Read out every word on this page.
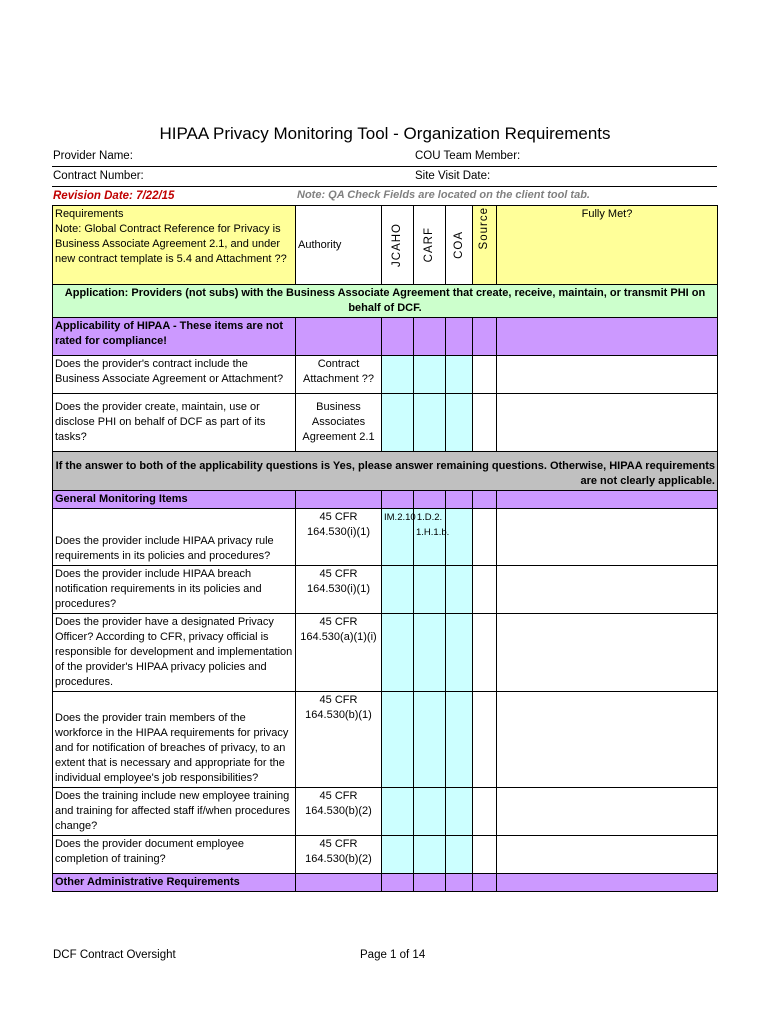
HIPAA Privacy Monitoring Tool - Organization Requirements
Provider Name:	COU Team Member:
Contract Number:	Site Visit Date:
Revision Date: 7/22/15	Note: QA Check Fields are located on the client tool tab.
Requirements
Note: Global Contract Reference for Privacy is Business Associate Agreement 2.1, and under new contract template is 5.4 and Attachment ??	Authority	JCAHO	CARF	COA	Source	Fully Met?
Application: Providers (not subs) with the Business Associate Agreement that create, receive, maintain, or transmit PHI on behalf of DCF.						
Applicability of HIPAA - These items are not rated for compliance!						
Does the provider's contract include the Business Associate Agreement or Attachment?	Contract Attachment ??					
Does the provider create, maintain, use or disclose PHI on behalf of DCF as part of its tasks?	Business Associates Agreement 2.1					
If the answer to both of the applicability questions is Yes, please answer remaining questions. Otherwise, HIPAA requirements are not clearly applicable.						
General Monitoring Items						
Does the provider include HIPAA privacy rule requirements in its policies and procedures?	45 CFR 164.530(i)(1)	IM.2.10	1.D.2. 1.H.1.b.			
Does the provider include HIPAA breach notification requirements in its policies and procedures?	45 CFR 164.530(i)(1)					
Does the provider have a designated Privacy Officer? According to CFR, privacy official is responsible for development and implementation of the provider's HIPAA privacy policies and procedures.	45 CFR 164.530(a)(1)(i)					
Does the provider train members of the workforce in the HIPAA requirements for privacy and for notification of breaches of privacy, to an extent that is necessary and appropriate for the individual employee's job responsibilities?	45 CFR 164.530(b)(1)					
Does the training include new employee training and training for affected staff if/when procedures change?	45 CFR 164.530(b)(2)					
Does the provider document employee completion of training?	45 CFR 164.530(b)(2)					
Other Administrative Requirements						
DCF Contract Oversight	Page 1 of 14
